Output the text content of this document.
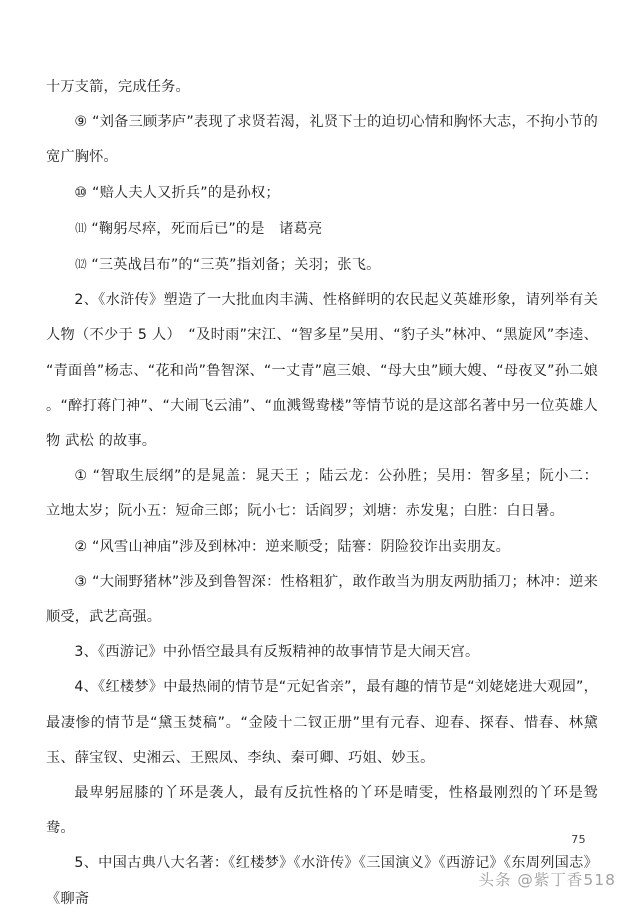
十万支箭，完成任务。

⑨ “刘备三顾茅庐”表现了求贤若渴，礼贤下士的迫切心情和胸怀大志，不拘小节的宽广胸怀。

⑩ “赔人夫人又折兵”的是孙权；

⑾ “鞠躬尽瘁，死而后已”的是　诸葛亮

⑿ “三英战吕布”的“三英”指刘备；关羽；张飞。

2、《水浒传》塑造了一大批血肉丰满、性格鲜明的农民起义英雄形象，请列举有关人物（不少于 5 人）　“及时雨”宋江、“智多星”吴用、“豹子头”林冲、“黑旋风”李逵、“青面兽”杨志、“花和尚”鲁智深、“一丈青”扈三娘、“母大虫”顾大嫂、“母夜叉”孙二娘 。“醉打蒋门神”、“大闹飞云浦”、“血溅鸳鸯楼”等情节说的是这部名著中另一位英雄人物 武松 的故事。

① “智取生辰纲”的是晁盖：晁天王 ；陆云龙：公孙胜；吴用：智多星；阮小二：立地太岁；阮小五：短命三郎；阮小七：话阎罗；刘塘：赤发鬼；白胜：白日暑。

② “风雪山神庙”涉及到林冲：逆来顺受；陆謇：阴险狡诈出卖朋友。

③ “大闹野猪林”涉及到鲁智深：性格粗犷，敢作敢当为朋友两肋插刀；林冲：逆来顺受，武艺高强。

3、《西游记》中孙悟空最具有反叛精神的故事情节是大闹天宫。

4、《红楼梦》中最热闹的情节是“元妃省亲”，最有趣的情节是“刘姥姥进大观园”，最凄惨的情节是“黛玉焚稿”。“金陵十二钗正册”里有元春、迎春、探春、惜春、林黛玉、薛宝钗、史湘云、王熙凤、李纨、秦可卿、巧姐、妙玉。

最卑躬屈膝的丫环是袭人，最有反抗性格的丫环是晴雯，性格最刚烈的丫环是鸳鸯。

5、中国古典八大名著：《红楼梦》《水浒传》《三国演义》《西游记》《东周列国志》《聊斋

75
头条 @紫丁香518
